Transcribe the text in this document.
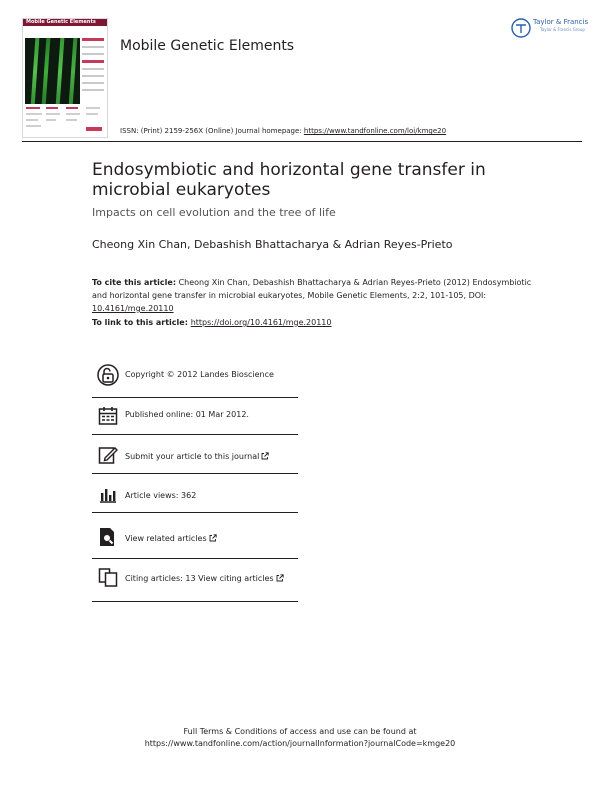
Mobile Genetic Elements
Mobile Genetic Elements
Taylor & Francis
Taylor & Francis Group
ISSN: (Print) 2159-256X (Online) Journal homepage: https://www.tandfonline.com/loi/kmge20
Endosymbiotic and horizontal gene transfer in
microbial eukaryotes
Impacts on cell evolution and the tree of life
Cheong Xin Chan, Debashish Bhattacharya & Adrian Reyes-Prieto
To cite this article: Cheong Xin Chan, Debashish Bhattacharya & Adrian Reyes-Prieto (2012) Endosymbiotic and horizontal gene transfer in microbial eukaryotes, Mobile Genetic Elements, 2:2, 101-105, DOI: 10.4161/mge.20110
To link to this article: https://doi.org/10.4161/mge.20110
Copyright © 2012 Landes Bioscience
Published online: 01 Mar 2012.
Submit your article to this journal
Article views: 362
View related articles
Citing articles: 13 View citing articles
Full Terms & Conditions of access and use can be found at
https://www.tandfonline.com/action/journalInformation?journalCode=kmge20
